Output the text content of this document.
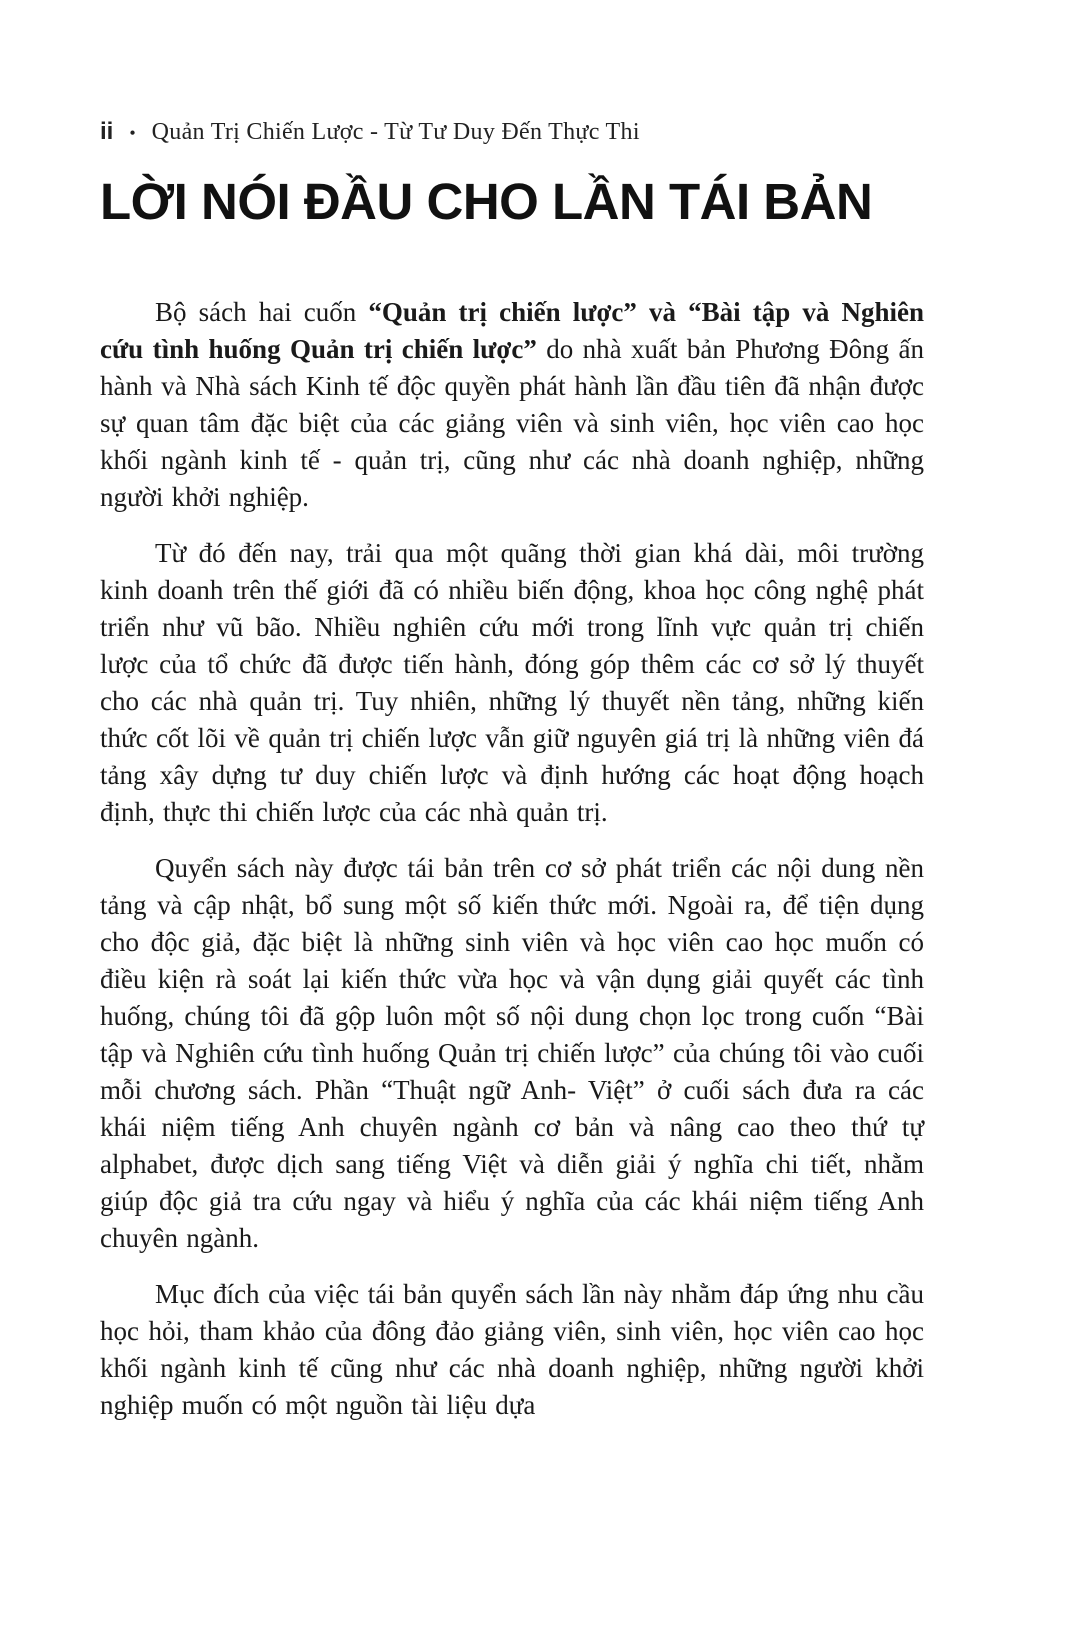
ii • Quản Trị Chiến Lược - Từ Tư Duy Đến Thực Thi
LỜI NÓI ĐẦU CHO LẦN TÁI BẢN

Bộ sách hai cuốn “Quản trị chiến lược” và “Bài tập và Nghiên cứu tình huống Quản trị chiến lược” do nhà xuất bản Phương Đông ấn hành và Nhà sách Kinh tế độc quyền phát hành lần đầu tiên đã nhận được sự quan tâm đặc biệt của các giảng viên và sinh viên, học viên cao học khối ngành kinh tế - quản trị, cũng như các nhà doanh nghiệp, những người khởi nghiệp.

Từ đó đến nay, trải qua một quãng thời gian khá dài, môi trường kinh doanh trên thế giới đã có nhiều biến động, khoa học công nghệ phát triển như vũ bão. Nhiều nghiên cứu mới trong lĩnh vực quản trị chiến lược của tổ chức đã được tiến hành, đóng góp thêm các cơ sở lý thuyết cho các nhà quản trị. Tuy nhiên, những lý thuyết nền tảng, những kiến thức cốt lõi về quản trị chiến lược vẫn giữ nguyên giá trị là những viên đá tảng xây dựng tư duy chiến lược và định hướng các hoạt động hoạch định, thực thi chiến lược của các nhà quản trị.

Quyển sách này được tái bản trên cơ sở phát triển các nội dung nền tảng và cập nhật, bổ sung một số kiến thức mới. Ngoài ra, để tiện dụng cho độc giả, đặc biệt là những sinh viên và học viên cao học muốn có điều kiện rà soát lại kiến thức vừa học và vận dụng giải quyết các tình huống, chúng tôi đã gộp luôn một số nội dung chọn lọc trong cuốn “Bài tập và Nghiên cứu tình huống Quản trị chiến lược” của chúng tôi vào cuối mỗi chương sách. Phần “Thuật ngữ Anh- Việt” ở cuối sách đưa ra các khái niệm tiếng Anh chuyên ngành cơ bản và nâng cao theo thứ tự alphabet, được dịch sang tiếng Việt và diễn giải ý nghĩa chi tiết, nhằm giúp độc giả tra cứu ngay và hiểu ý nghĩa của các khái niệm tiếng Anh chuyên ngành.

Mục đích của việc tái bản quyển sách lần này nhằm đáp ứng nhu cầu học hỏi, tham khảo của đông đảo giảng viên, sinh viên, học viên cao học khối ngành kinh tế cũng như các nhà doanh nghiệp, những người khởi nghiệp muốn có một nguồn tài liệu dựa
